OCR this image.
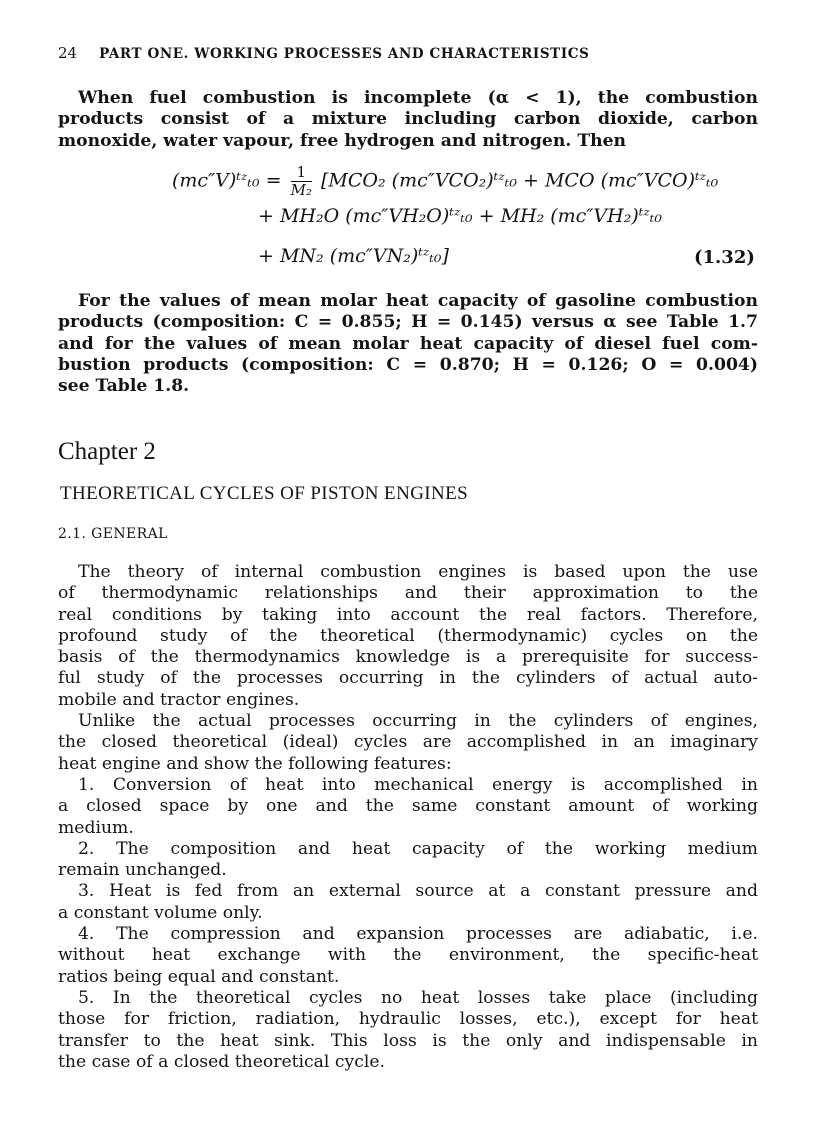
24 PART ONE. WORKING PROCESSES AND CHARACTERISTICS
When fuel combustion is incomplete (α < 1), the combustion
products consist of a mixture including carbon dioxide, carbon
monoxide, water vapour, free hydrogen and nitrogen. Then
(mc″V)ᵗᶻₜ₀ = $\frac{1}{\text{M₂}} [MCO_2$ (mc″VCO₂)ᵗᶻₜ₀ + MCO (mc″VCO)ᵗᶻₜ₀
+ MH₂O (mc″VH₂O)ᵗᶻₜ₀ + MH₂ (mc″VH₂)ᵗᶻₜ₀
+ MN₂ (mc″VN₂)ᵗᶻₜ₀]	(1.32)
For the values of mean molar heat capacity of gasoline combustion
products (composition: C = 0.855; H = 0.145) versus α see Table 1.7
and for the values of mean molar heat capacity of diesel fuel com-
bustion products (composition: C = 0.870; H = 0.126; O = 0.004)
see Table 1.8.
Chapter 2
THEORETICAL CYCLES OF PISTON ENGINES
2.1. GENERAL
The theory of internal combustion engines is based upon the use
of thermodynamic relationships and their approximation to the
real conditions by taking into account the real factors. Therefore,
profound study of the theoretical (thermodynamic) cycles on the
basis of the thermodynamics knowledge is a prerequisite for success-
ful study of the processes occurring in the cylinders of actual auto-
mobile and tractor engines.
Unlike the actual processes occurring in the cylinders of engines,
the closed theoretical (ideal) cycles are accomplished in an imaginary
heat engine and show the following features:
1. Conversion of heat into mechanical energy is accomplished in
a closed space by one and the same constant amount of working
medium.
2. The composition and heat capacity of the working medium
remain unchanged.
3. Heat is fed from an external source at a constant pressure and
a constant volume only.
4. The compression and expansion processes are adiabatic, i.e.
without heat exchange with the environment, the specific-heat
ratios being equal and constant.
5. In the theoretical cycles no heat losses take place (including
those for friction, radiation, hydraulic losses, etc.), except for heat
transfer to the heat sink. This loss is the only and indispensable in
the case of a closed theoretical cycle.
